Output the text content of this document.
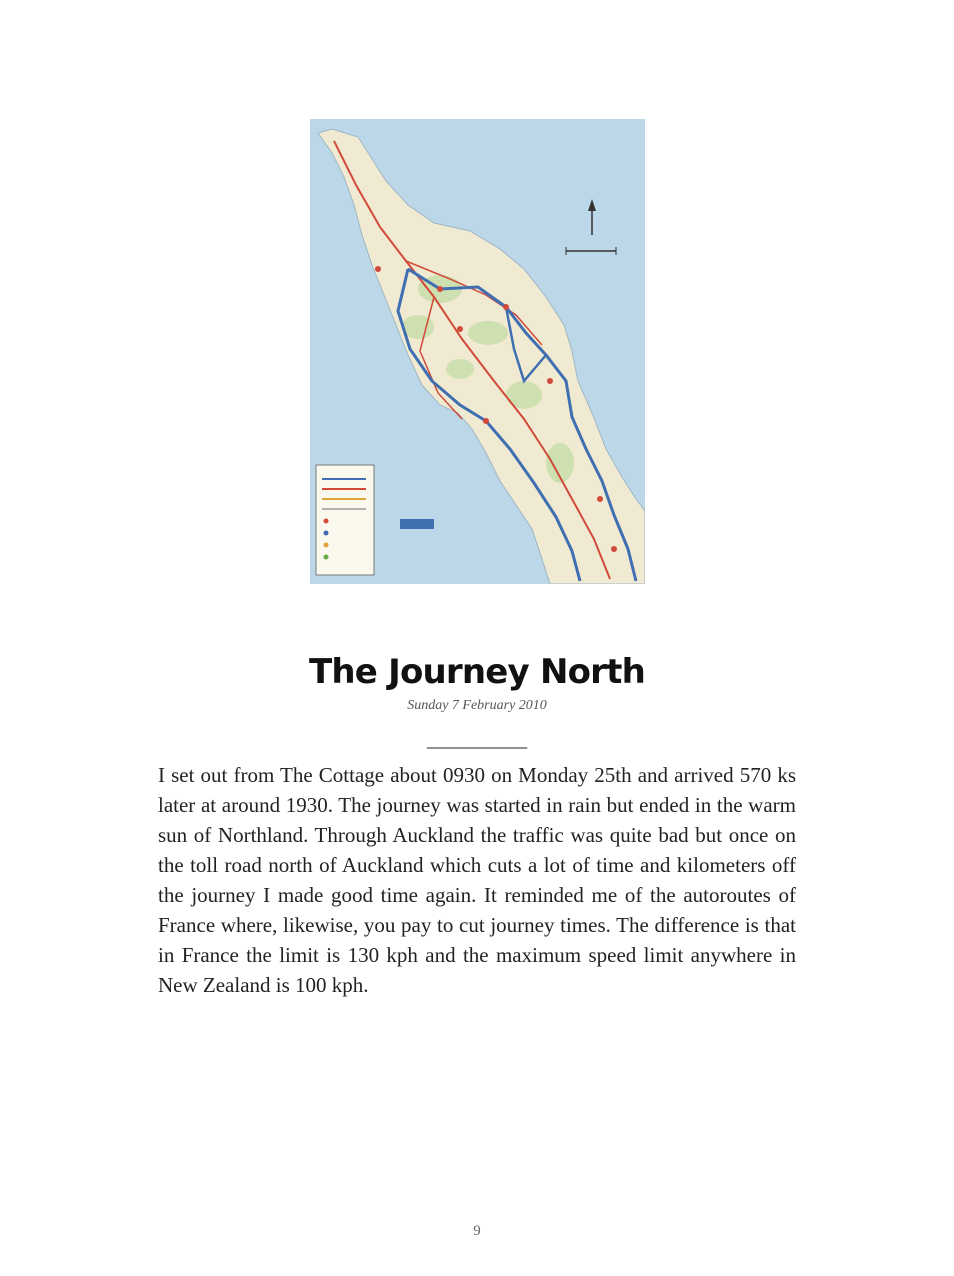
The Journey North
Sunday 7 February 2010
__________

I set out from The Cottage about 0930 on Monday 25th and arrived 570 ks later at around 1930. The journey was started in rain but ended in the warm sun of Northland. Through Auckland the traffic was quite bad but once on the toll road north of Auckland which cuts a lot of time and kilometers off the journey I made good time again. It reminded me of the autoroutes of France where, likewise, you pay to cut journey times. The difference is that in France the limit is 130 kph and the maximum speed limit anywhere in New Zealand is 100 kph.

9
